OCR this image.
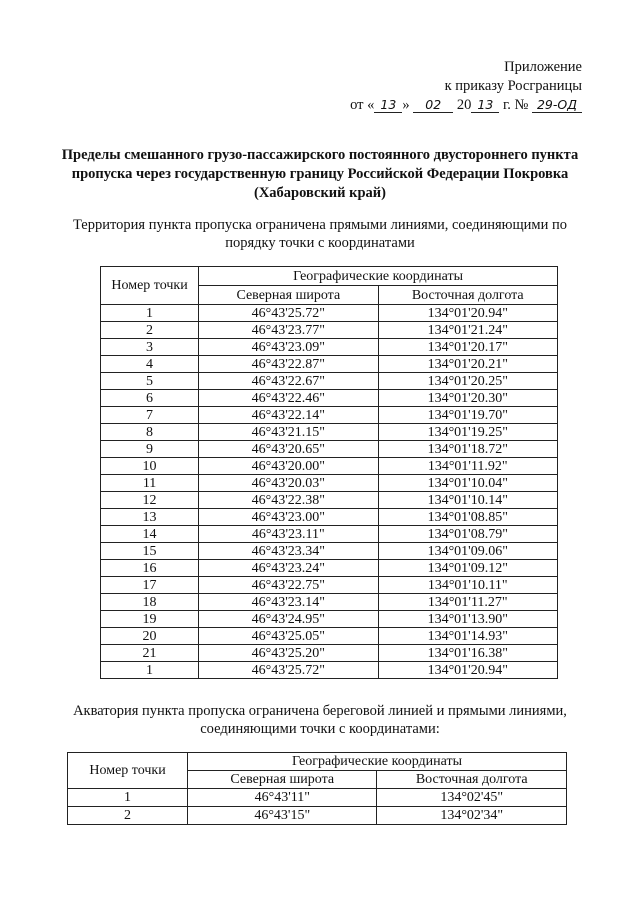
Приложение
к приказу Росграницы
от « 13 » 02 20 13 г. № 29-ОД
Пределы смешанного грузо-пассажирского постоянного двустороннего пункта пропуска через государственную границу Российской Федерации Покровка (Хабаровский край)
Территория пункта пропуска ограничена прямыми линиями, соединяющими по порядку точки с координатами
Номер точки	Географические координаты	
	Северная широта	Восточная долгота
1	46°43'25.72"	134°01'20.94"
2	46°43'23.77"	134°01'21.24"
3	46°43'23.09"	134°01'20.17"
4	46°43'22.87"	134°01'20.21"
5	46°43'22.67"	134°01'20.25"
6	46°43'22.46"	134°01'20.30"
7	46°43'22.14"	134°01'19.70"
8	46°43'21.15"	134°01'19.25"
9	46°43'20.65"	134°01'18.72"
10	46°43'20.00"	134°01'11.92"
11	46°43'20.03"	134°01'10.04"
12	46°43'22.38"	134°01'10.14"
13	46°43'23.00"	134°01'08.85"
14	46°43'23.11"	134°01'08.79"
15	46°43'23.34"	134°01'09.06"
16	46°43'23.24"	134°01'09.12"
17	46°43'22.75"	134°01'10.11"
18	46°43'23.14"	134°01'11.27"
19	46°43'24.95"	134°01'13.90"
20	46°43'25.05"	134°01'14.93"
21	46°43'25.20"	134°01'16.38"
1	46°43'25.72"	134°01'20.94"
Акватория пункта пропуска ограничена береговой линией и прямыми линиями, соединяющими точки с координатами:
Номер точки	Географические координаты	
	Северная широта	Восточная долгота
1	46°43'11"	134°02'45"
2	46°43'15"	134°02'34"
